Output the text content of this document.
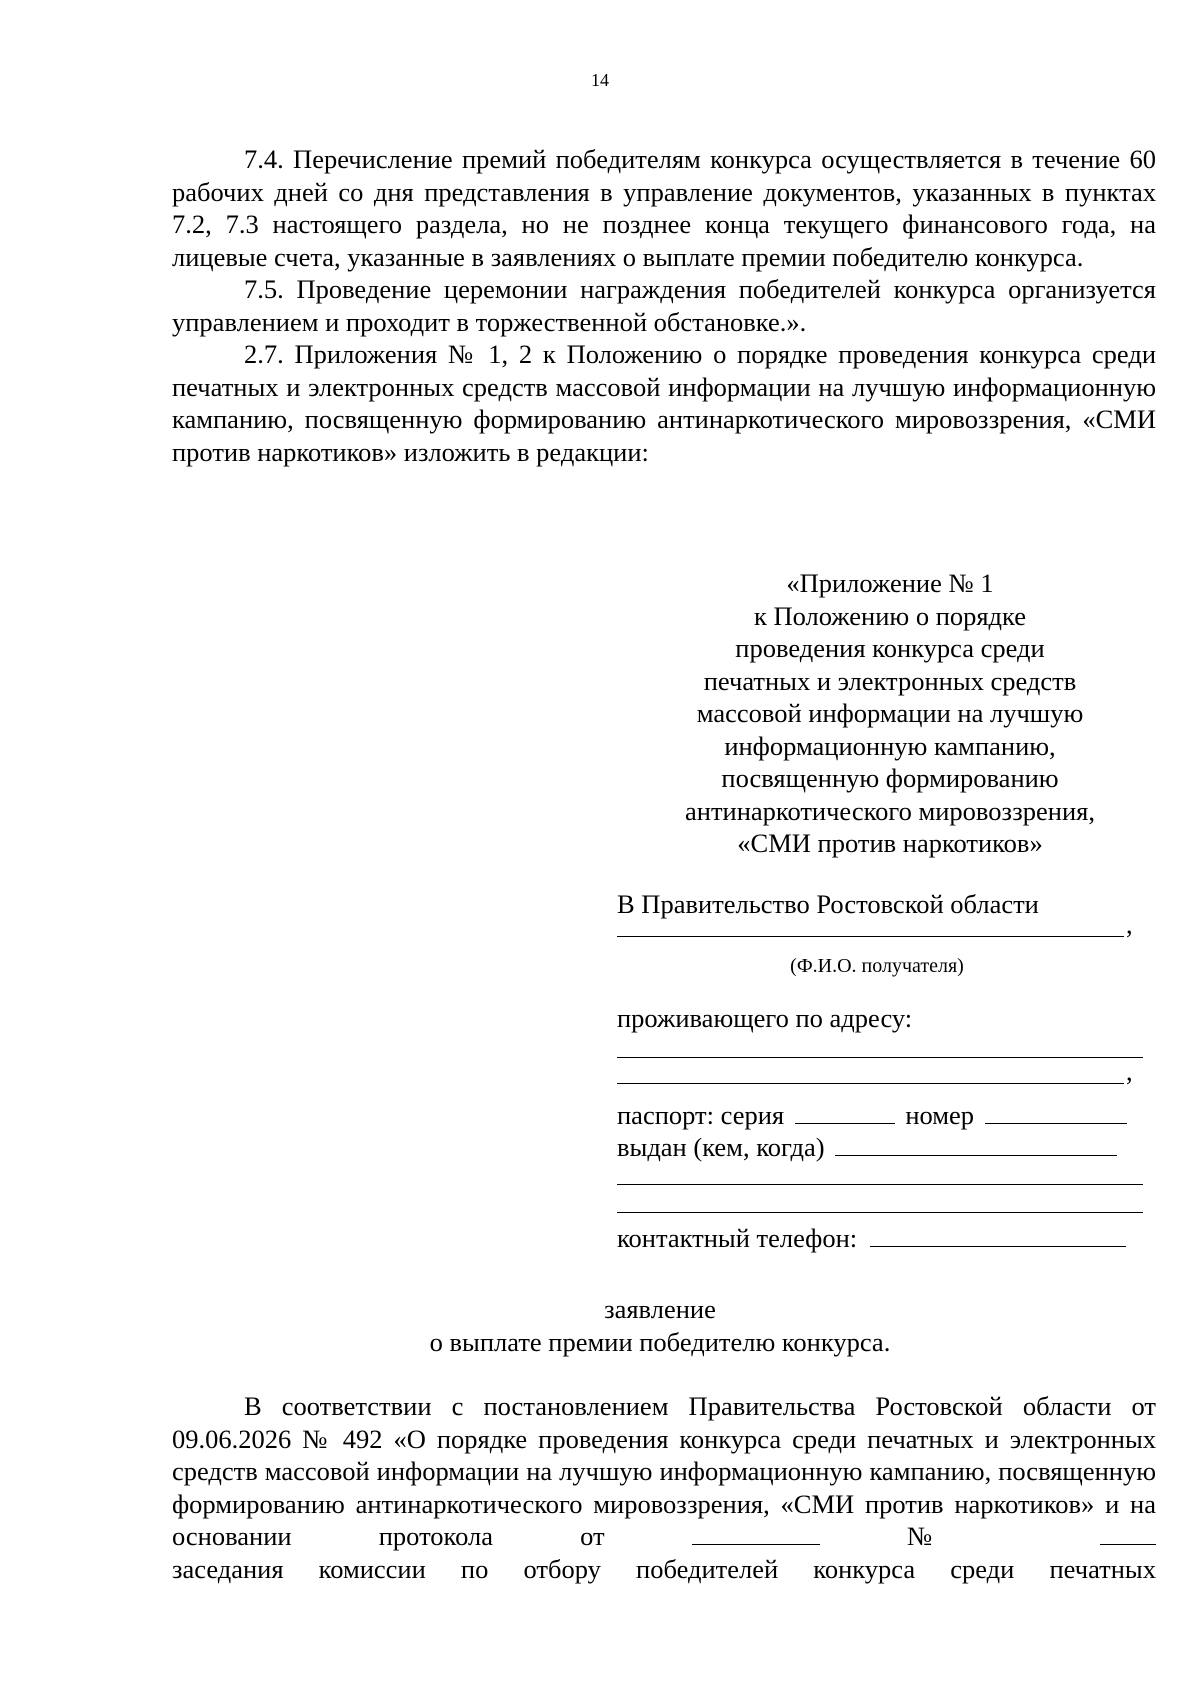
14

7.4. Перечисление премий победителям конкурса осуществляется в течение 60 рабочих дней со дня представления в управление документов, указанных в пунктах 7.2, 7.3 настоящего раздела, но не позднее конца текущего финансового года, на лицевые счета, указанные в заявлениях о выплате премии победителю конкурса.

7.5. Проведение церемонии награждения победителей конкурса организуется управлением и проходит в торжественной обстановке.».

2.7. Приложения № 1, 2 к Положению о порядке проведения конкурса среди печатных и электронных средств массовой информации на лучшую информационную кампанию, посвященную формированию антинаркотического мировоззрения, «СМИ против наркотиков» изложить в редакции:

«Приложение № 1
к Положению о порядке
проведения конкурса среди
печатных и электронных средств
массовой информации на лучшую
информационную кампанию,
посвященную формированию
антинаркотического мировоззрения,
«СМИ против наркотиков»
В Правительство Ростовской области
,
(Ф.И.О. получателя)
проживающего по адресу:
,
паспорт: серия	номер
выдан (кем, когда)
контактный телефон:
заявление
о выплате премии победителю конкурса.

В соответствии с постановлением Правительства Ростовской области от 09.06.2026 № 492 «О порядке проведения конкурса среди печатных и электронных средств массовой информации на лучшую информационную кампанию, посвященную формированию антинаркотического мировоззрения, «СМИ против наркотиков» и на основании протокола от	№
заседания комиссии по отбору победителей конкурса среди печатных
